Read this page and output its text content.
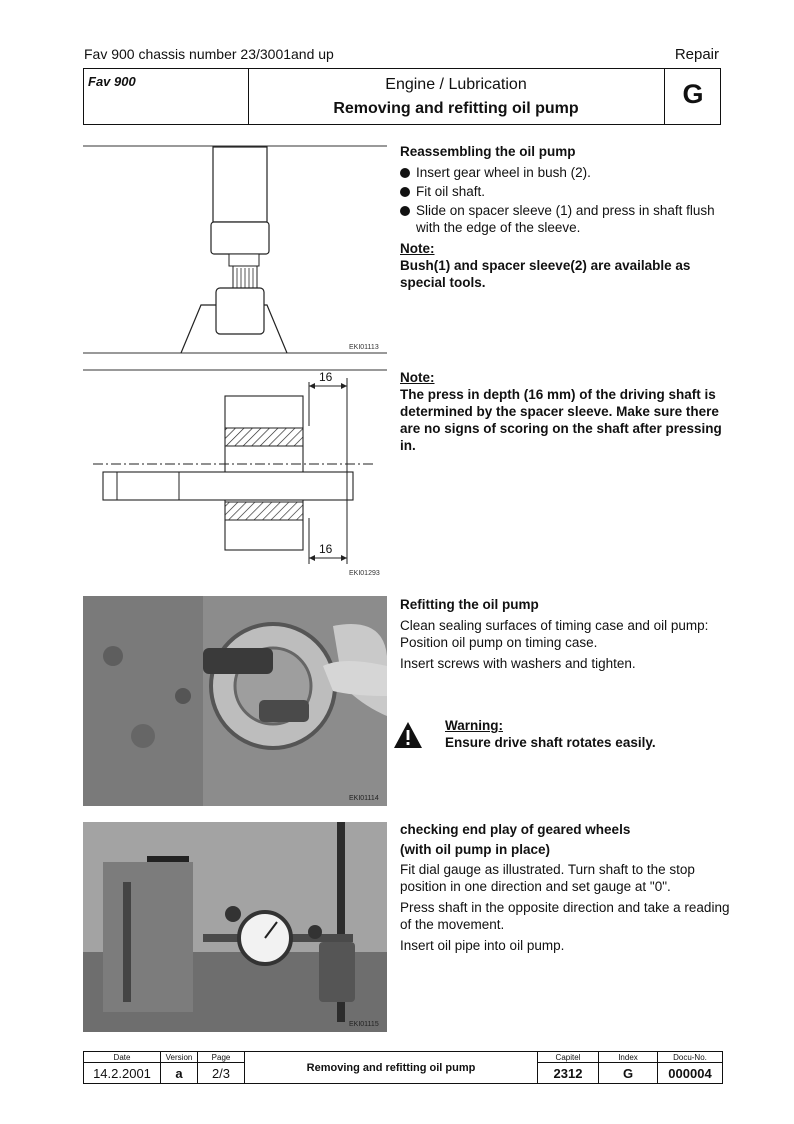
Fav 900 chassis number 23/3001and up	Repair
Fav 900	Engine / Lubrication
Removing and refitting oil pump	G
EKI01113
16
16
EKI01293
EKI01114
EKI01115
Reassembling the oil pump
Insert gear wheel in bush (2).
Fit oil shaft.
Slide on spacer sleeve (1) and press in shaft flush with the edge of the sleeve.
Note:
Bush(1) and spacer sleeve(2) are available as special tools.
Note:
The press in depth (16 mm) of the driving shaft is determined by the spacer sleeve. Make sure there are no signs of scoring on the shaft after pressing in.
Refitting the oil pump

Clean sealing surfaces of timing case and oil pump: Position oil pump on timing case.

Insert screws with washers and tighten.

Warning:
Ensure drive shaft rotates easily.
checking end play of geared wheels
(with oil pump in place)

Fit dial gauge as illustrated. Turn shaft to the stop position in one direction and set gauge at "0".

Press shaft in the opposite direction and take a reading of the movement.

Insert oil pipe into oil pump.

Date	Version	Page	Removing and refitting oil pump	Capitel	Index	Docu-No.
14.2.2001	a	2/3		2312	G	000004
